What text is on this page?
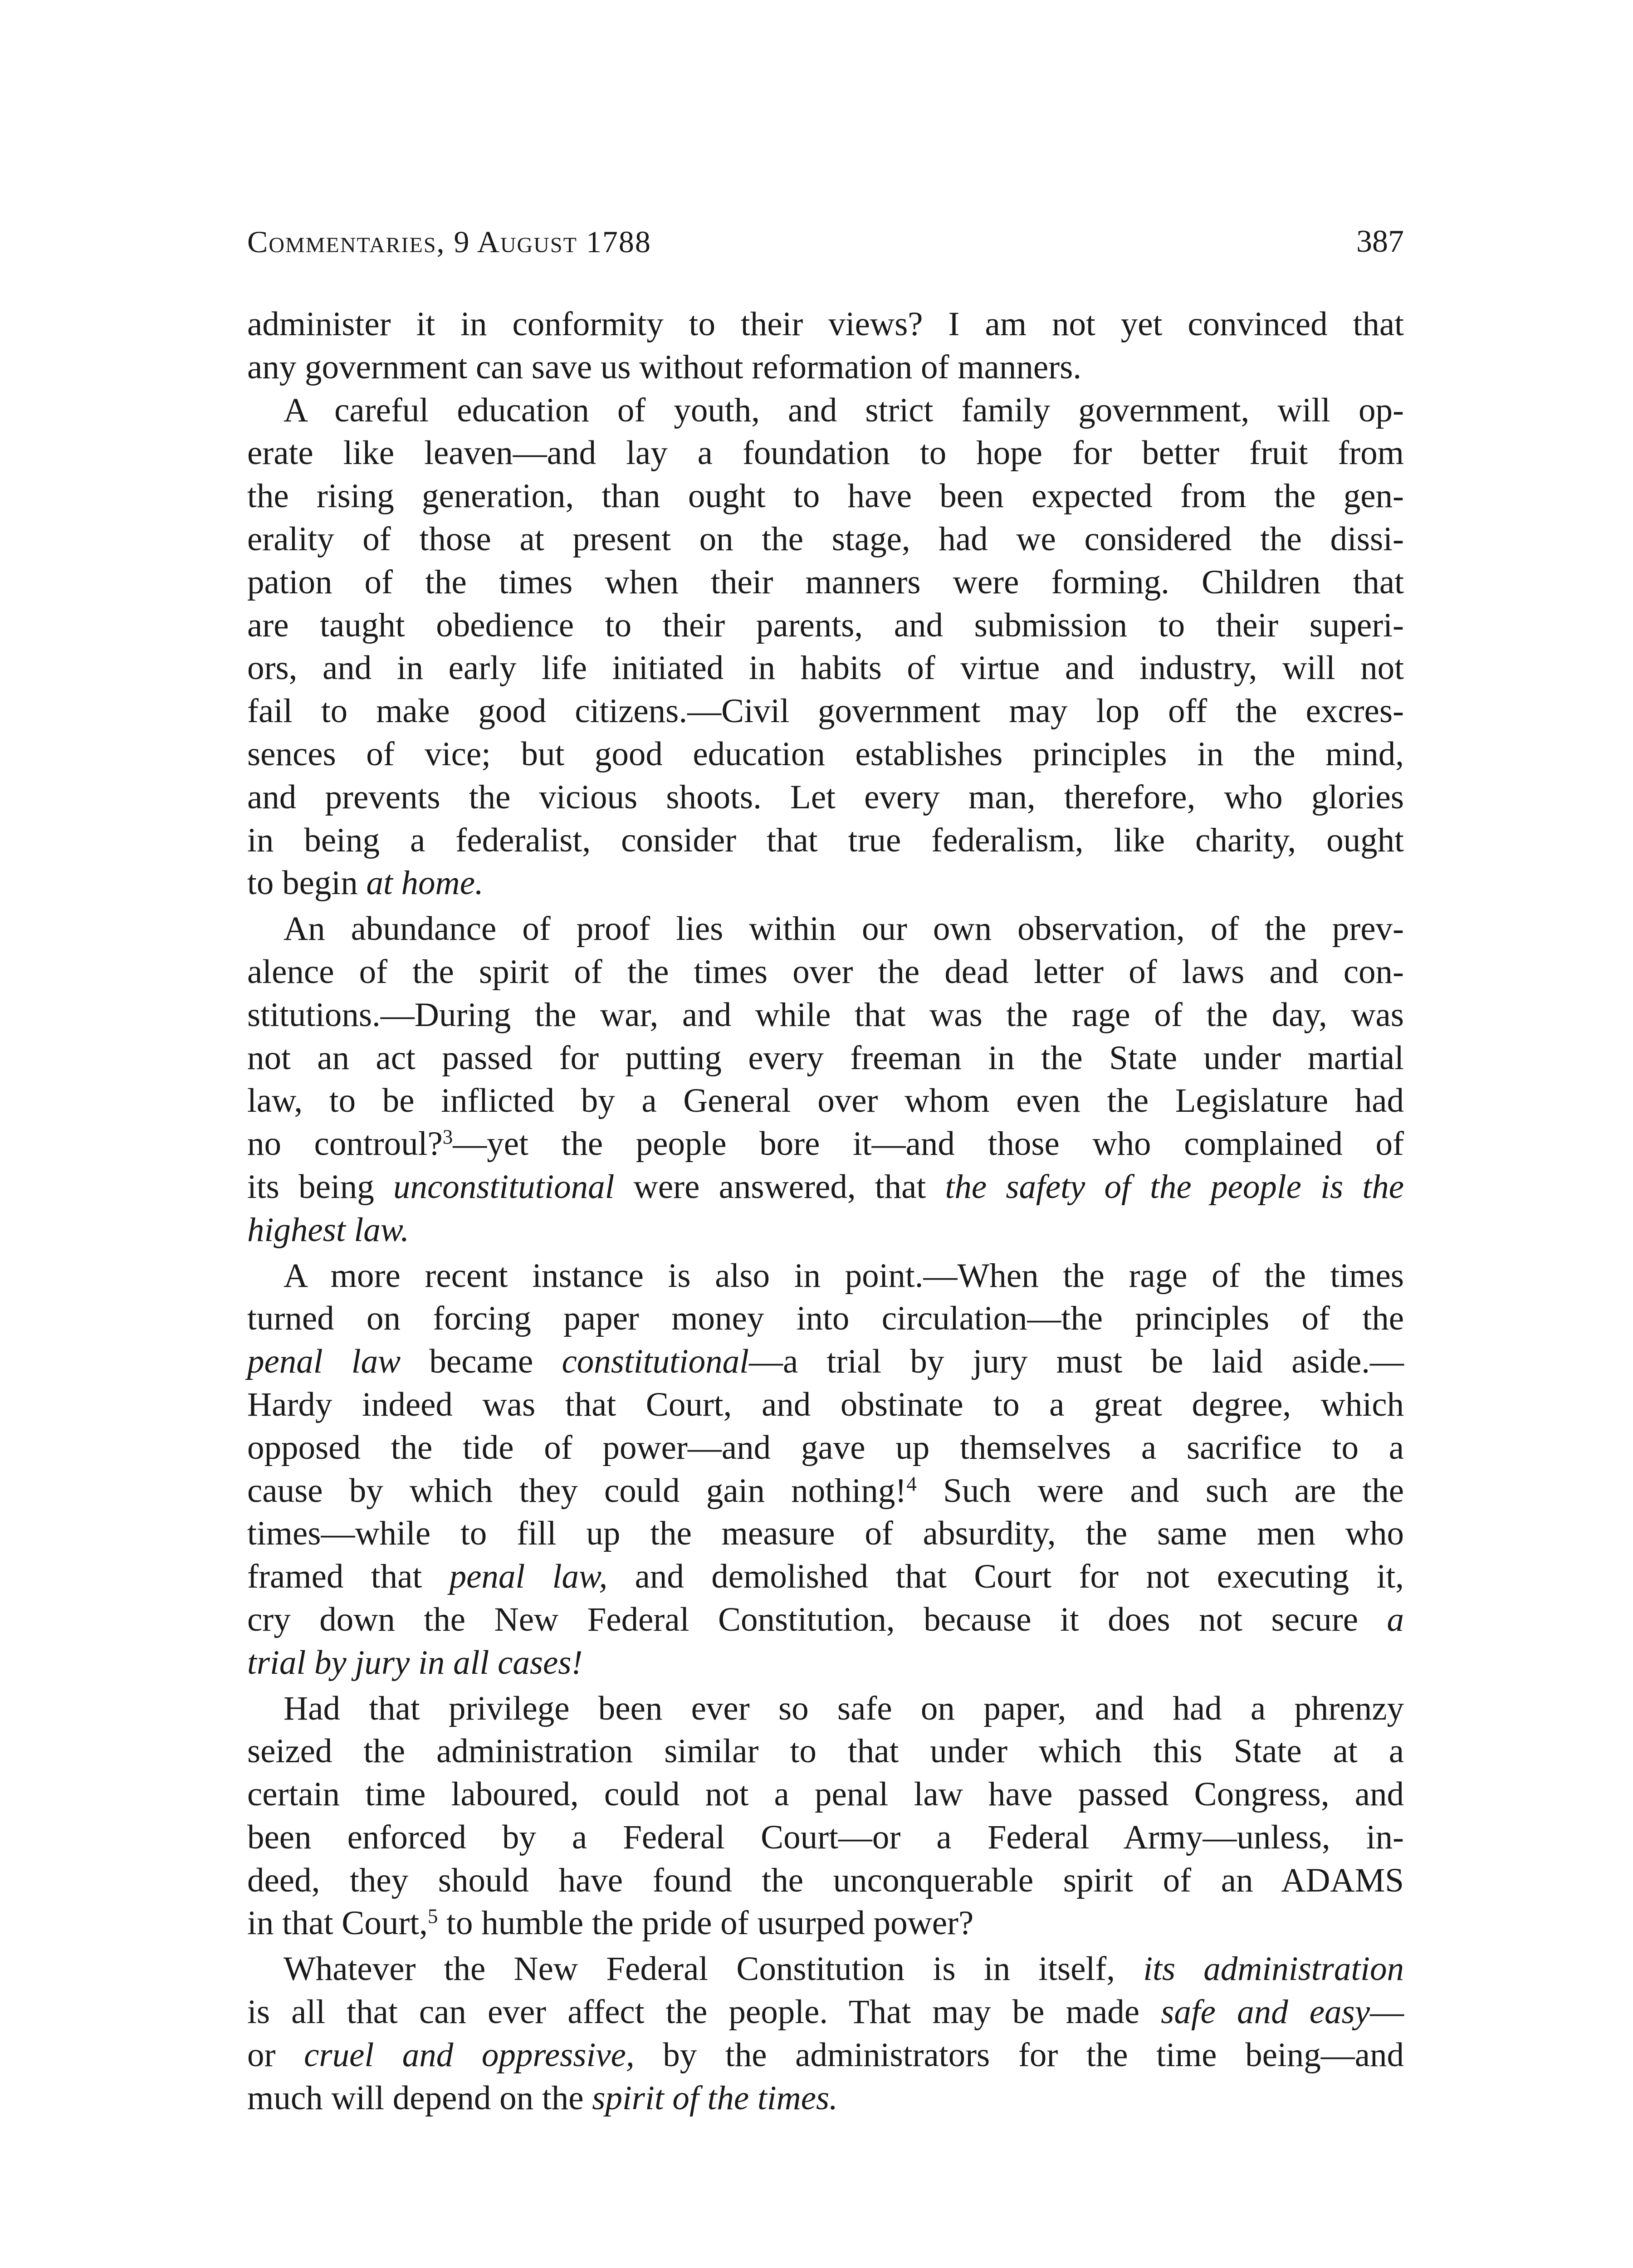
Commentaries, 9 August 1788	387
administer it in conformity to their views? I am not yet convinced that
any government can save us without reformation of manners.
A careful education of youth, and strict family government, will op-
erate like leaven—and lay a foundation to hope for better fruit from
the rising generation, than ought to have been expected from the gen-
erality of those at present on the stage, had we considered the dissi-
pation of the times when their manners were forming. Children that
are taught obedience to their parents, and submission to their superi-
ors, and in early life initiated in habits of virtue and industry, will not
fail to make good citizens.—Civil government may lop off the excres-
sences of vice; but good education establishes principles in the mind,
and prevents the vicious shoots. Let every man, therefore, who glories
in being a federalist, consider that true federalism, like charity, ought
to begin at home.
An abundance of proof lies within our own observation, of the prev-
alence of the spirit of the times over the dead letter of laws and con-
stitutions.—During the war, and while that was the rage of the day, was
not an act passed for putting every freeman in the State under martial
law, to be inflicted by a General over whom even the Legislature had
no controul?$^3$—yet the people bore it—and those who complained of
its being unconstitutional were answered, that the safety of the people is the
highest law.
A more recent instance is also in point.—When the rage of the times
turned on forcing paper money into circulation—the principles of the
penal law became constitutional—a trial by jury must be laid aside.—
Hardy indeed was that Court, and obstinate to a great degree, which
opposed the tide of power—and gave up themselves a sacrifice to a
cause by which they could gain nothing!$^4$ Such were and such are the
times—while to fill up the measure of absurdity, the same men who
framed that penal law, and demolished that Court for not executing it,
cry down the New Federal Constitution, because it does not secure a
trial by jury in all cases!
Had that privilege been ever so safe on paper, and had a phrenzy
seized the administration similar to that under which this State at a
certain time laboured, could not a penal law have passed Congress, and
been enforced by a Federal Court—or a Federal Army—unless, in-
deed, they should have found the unconquerable spirit of an ADAMS
in that Court,$^5$ to humble the pride of usurped power?
Whatever the New Federal Constitution is in itself, its administration
is all that can ever affect the people. That may be made safe and easy—
or cruel and oppressive, by the administrators for the time being—and
much will depend on the spirit of the times.
